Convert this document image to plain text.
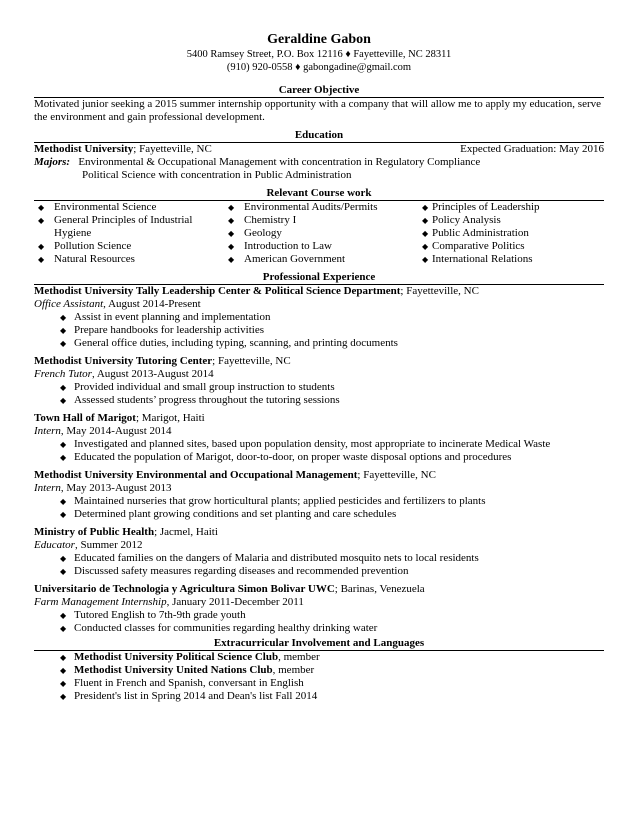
Geraldine Gabon
5400 Ramsey Street, P.O. Box 12116 ♦ Fayetteville, NC 28311
(910) 920-0558 ♦ gabongadine@gmail.com
Career Objective

Motivated junior seeking a 2015 summer internship opportunity with a company that will allow me to apply my education, serve the environment and gain professional development.

Education
Methodist University; Fayetteville, NC	Expected Graduation: May 2016

Majors: Environmental & Occupational Management with concentration in Regulatory Compliance

Political Science with concentration in Public Administration

Relevant Course work
◆ Environmental Science
◆ General Principles of Industrial Hygiene
◆ Pollution Science
◆ Natural Resources
◆ Environmental Audits/Permits
◆ Chemistry I
◆ Geology
◆ Introduction to Law
◆ American Government
◆ Principles of Leadership
◆ Policy Analysis
◆ Public Administration
◆ Comparative Politics
◆ International Relations
Professional Experience

Methodist University Tally Leadership Center & Political Science Department; Fayetteville, NC

Office Assistant, August 2014-Present

◆ Assist in event planning and implementation
◆ Prepare handbooks for leadership activities
◆ General office duties, including typing, scanning, and printing documents

Methodist University Tutoring Center; Fayetteville, NC

French Tutor, August 2013-August 2014

◆ Provided individual and small group instruction to students
◆ Assessed students’ progress throughout the tutoring sessions

Town Hall of Marigot; Marigot, Haiti

Intern, May 2014-August 2014

◆ Investigated and planned sites, based upon population density, most appropriate to incinerate Medical Waste
◆ Educated the population of Marigot, door-to-door, on proper waste disposal options and procedures

Methodist University Environmental and Occupational Management; Fayetteville, NC

Intern, May 2013-August 2013

◆ Maintained nurseries that grow horticultural plants; applied pesticides and fertilizers to plants
◆ Determined plant growing conditions and set planting and care schedules

Ministry of Public Health; Jacmel, Haiti

Educator, Summer 2012

◆ Educated families on the dangers of Malaria and distributed mosquito nets to local residents
◆ Discussed safety measures regarding diseases and recommended prevention

Universitario de Technologia y Agricultura Simon Bolivar UWC; Barinas, Venezuela

Farm Management Internship, January 2011-December 2011

◆ Tutored English to 7th-9th grade youth
◆ Conducted classes for communities regarding healthy drinking water
Extracurricular Involvement and Languages
◆ Methodist University Political Science Club, member
◆ Methodist University United Nations Club, member
◆ Fluent in French and Spanish, conversant in English
◆ President's list in Spring 2014 and Dean's list Fall 2014
